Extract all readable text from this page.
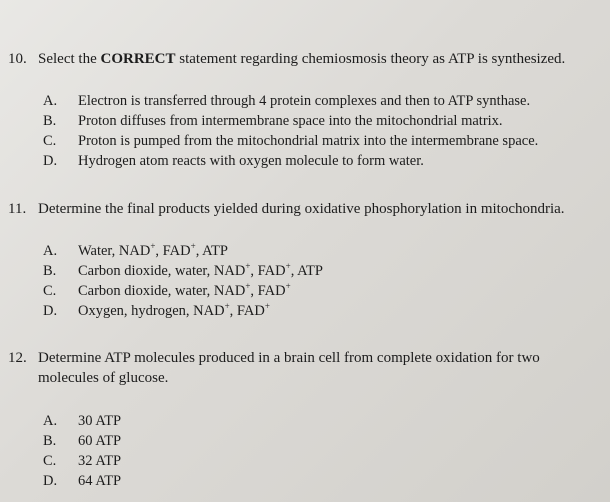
10. Select the CORRECT statement regarding chemiosmosis theory as ATP is synthesized.
A. Electron is transferred through 4 protein complexes and then to ATP synthase.
B. Proton diffuses from intermembrane space into the mitochondrial matrix.
C. Proton is pumped from the mitochondrial matrix into the intermembrane space.
D. Hydrogen atom reacts with oxygen molecule to form water.
11. Determine the final products yielded during oxidative phosphorylation in mitochondria.
A. Water, NAD+, FAD+, ATP
B. Carbon dioxide, water, NAD+, FAD+, ATP
C. Carbon dioxide, water, NAD+, FAD+
D. Oxygen, hydrogen, NAD+, FAD+
12. Determine ATP molecules produced in a brain cell from complete oxidation for two
molecules of glucose.
A. 30 ATP
B. 60 ATP
C. 32 ATP
D. 64 ATP
